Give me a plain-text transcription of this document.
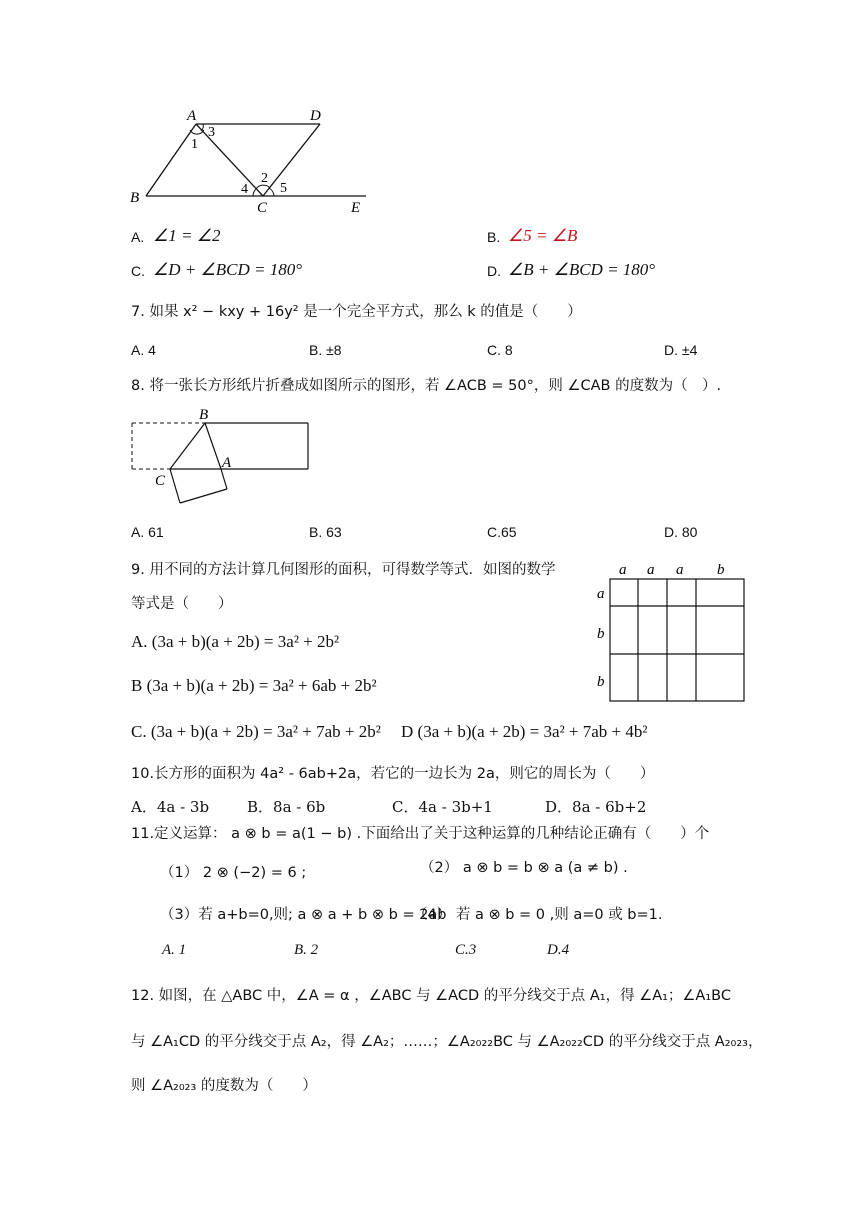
A	D
B
C	E
1
2
3
4 5
A. ∠1 = ∠2	B. ∠5 = ∠B
C. ∠D + ∠BCD = 180°	D. ∠B + ∠BCD = 180°
7. 如果 x² − kxy + 16y² 是一个完全平方式，那么 k 的值是（　　）
A. 4	B. ±8	C. 8	D. ±4
8. 将一张长方形纸片折叠成如图所示的图形，若 ∠ACB = 50°，则 ∠CAB 的度数为（　）.
B
A
C
A. 61	B. 63	C.65	D. 80
9. 用不同的方法计算几何图形的面积，可得数学等式．如图的数学
等式是（　　）
a a a b
a
b
b
A. (3a + b)(a + 2b) = 3a² + 2b²
B (3a + b)(a + 2b) = 3a² + 6ab + 2b²
C. (3a + b)(a + 2b) = 3a² + 7ab + 2b² D (3a + b)(a + 2b) = 3a² + 7ab + 4b²
10.长方形的面积为 4a² - 6ab+2a，若它的一边长为 2a，则它的周长为（　　）
A．4a - 3b	B．8a - 6b	C．4a - 3b+1	D．8a - 6b+2
11.定义运算： a ⊗ b = a(1 − b) .下面给出了关于这种运算的几种结论正确有（　　）个
（1） 2 ⊗ (−2) = 6 ;	（2） a ⊗ b = b ⊗ a (a ≠ b) .
（3）若 a+b=0,则; a ⊗ a + b ⊗ b = 2ab
（4） 若 a ⊗ b = 0 ,则 a=0 或 b=1.
A. 1	B. 2	C.3	D.4
12. 如图，在 △ABC 中，∠A = α ，∠ABC 与 ∠ACD 的平分线交于点 A₁，得 ∠A₁；∠A₁BC
与 ∠A₁CD 的平分线交于点 A₂，得 ∠A₂；……；∠A₂₀₂₂BC 与 ∠A₂₀₂₂CD 的平分线交于点 A₂₀₂₃，
则 ∠A₂₀₂₃ 的度数为（　　）
